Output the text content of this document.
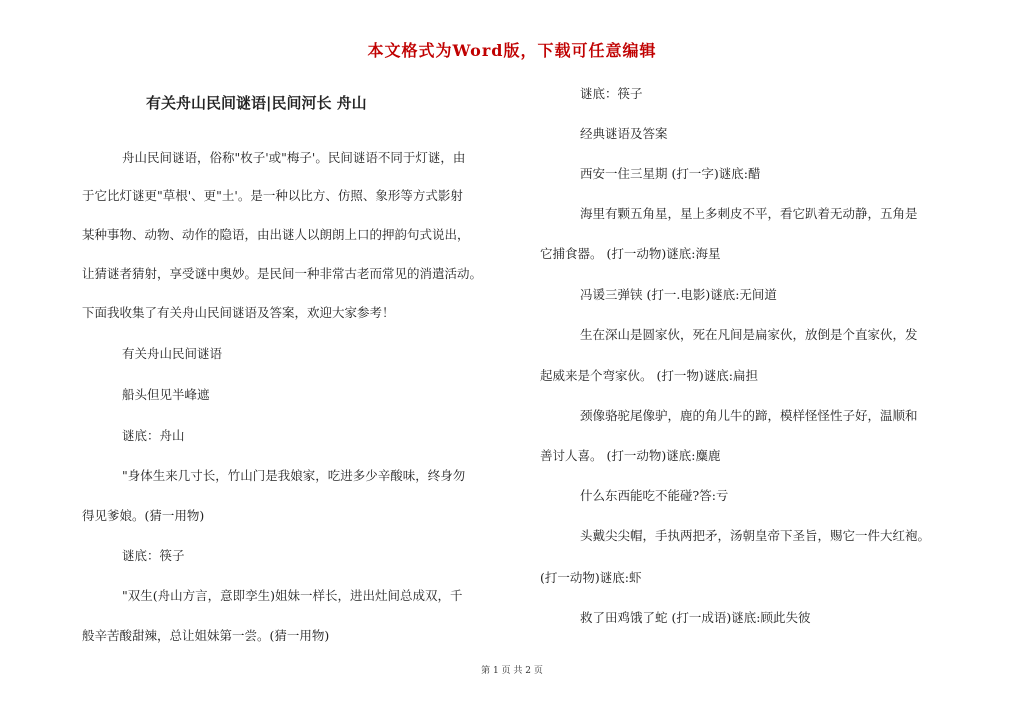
本文格式为Word版，下载可任意编辑
有关舟山民间谜语|民间河长 舟山
舟山民间谜语，俗称"枚子'或"梅子'。民间谜语不同于灯谜，由
于它比灯谜更"草根'、更"土'。是一种以比方、仿照、象形等方式影射
某种事物、动物、动作的隐语，由出谜人以朗朗上口的押韵句式说出，
让猜谜者猜射，享受谜中奥妙。是民间一种非常古老而常见的消遣活动。
下面我收集了有关舟山民间谜语及答案，欢迎大家参考！
有关舟山民间谜语
船头但见半峰遮
谜底：舟山
"身体生来几寸长，竹山门是我娘家，吃进多少辛酸味，终身勿
得见爹娘。(猜一用物)
谜底：筷子
"双生(舟山方言，意即孪生)姐妹一样长，进出灶间总成双，千
般辛苦酸甜辣，总让姐妹第一尝。(猜一用物)
谜底：筷子
经典谜语及答案
西安一住三星期 (打一字)谜底:醋
海里有颗五角星，星上多刺皮不平，看它趴着无动静，五角是
它捕食器。 (打一动物)谜底:海星
冯谖三弹铗 (打一.电影)谜底:无间道
生在深山是圆家伙，死在凡间是扁家伙，放倒是个直家伙，发
起威来是个弯家伙。 (打一物)谜底:扁担
颈像骆驼尾像驴，鹿的角儿牛的蹄，模样怪怪性子好，温顺和
善讨人喜。 (打一动物)谜底:麋鹿
什么东西能吃不能碰?答:亏
头戴尖尖帽，手执两把矛，汤朝皇帝下圣旨，赐它一件大红袍。
(打一动物)谜底:虾
救了田鸡饿了蛇 (打一成语)谜底:顾此失彼
第 1 页 共 2 页
